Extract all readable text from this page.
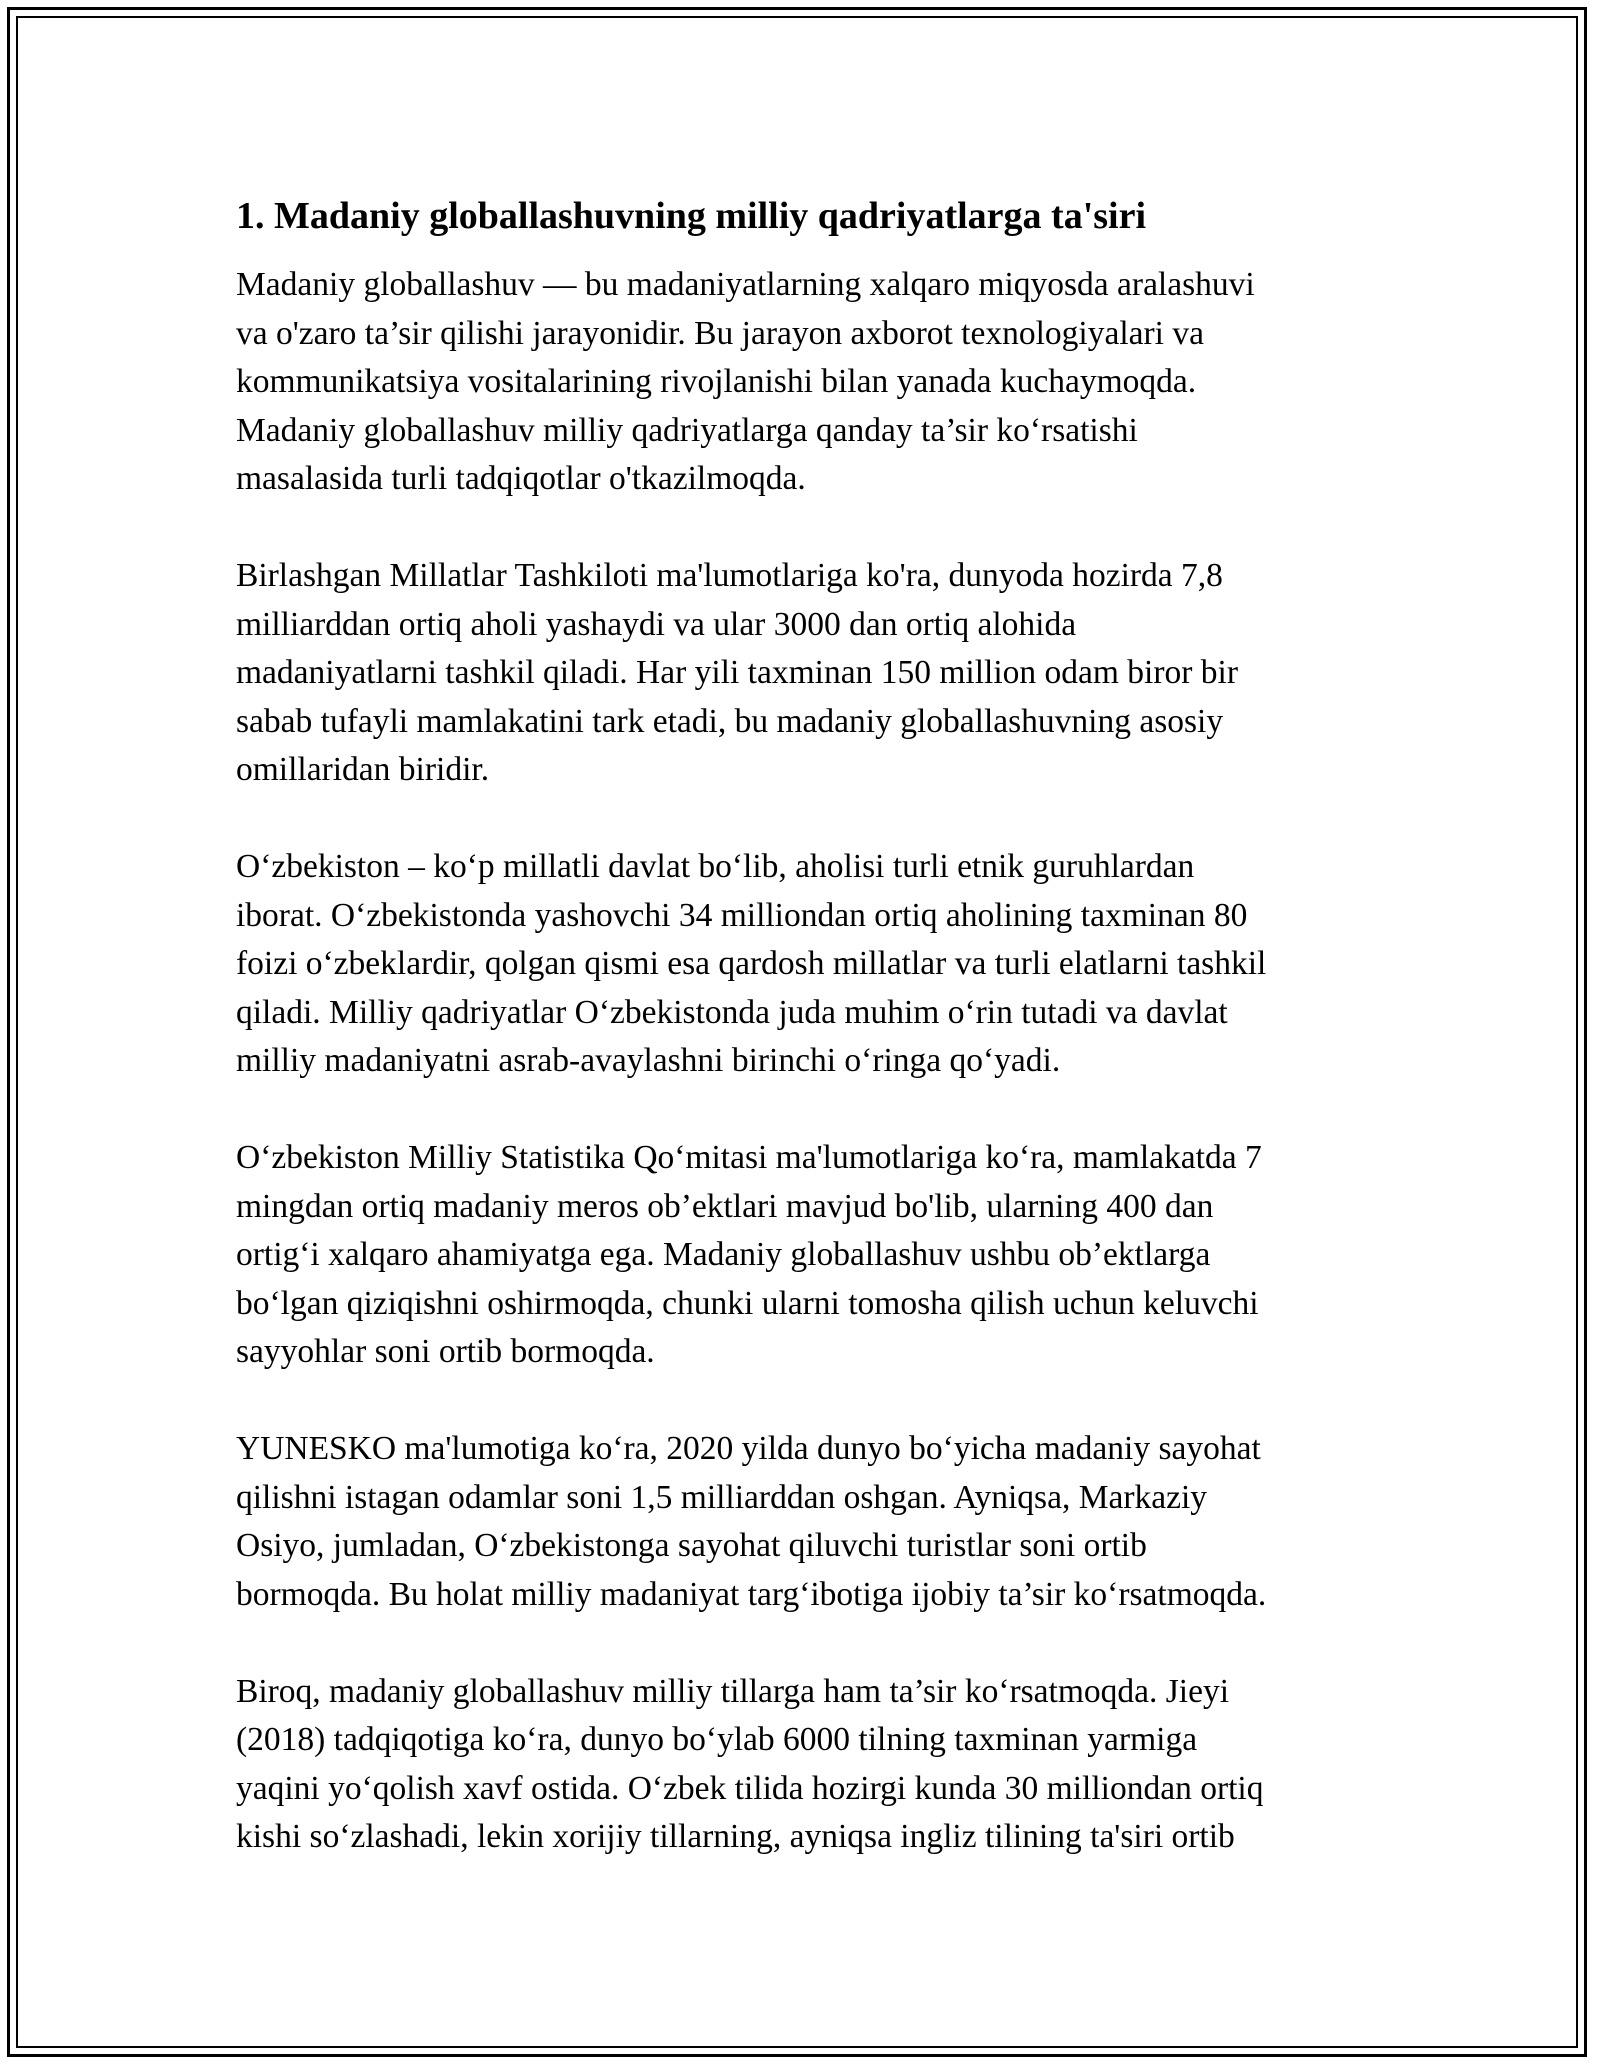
1. Madaniy globallashuvning milliy qadriyatlarga ta'siri
Madaniy globallashuv — bu madaniyatlarning xalqaro miqyosda aralashuvi
va o'zaro ta’sir qilishi jarayonidir. Bu jarayon axborot texnologiyalari va
kommunikatsiya vositalarining rivojlanishi bilan yanada kuchaymoqda.
Madaniy globallashuv milliy qadriyatlarga qanday ta’sir ko‘rsatishi
masalasida turli tadqiqotlar o'tkazilmoqda.
Birlashgan Millatlar Tashkiloti ma'lumotlariga ko'ra, dunyoda hozirda 7,8
milliarddan ortiq aholi yashaydi va ular 3000 dan ortiq alohida
madaniyatlarni tashkil qiladi. Har yili taxminan 150 million odam biror bir
sabab tufayli mamlakatini tark etadi, bu madaniy globallashuvning asosiy
omillaridan biridir.
O‘zbekiston – ko‘p millatli davlat bo‘lib, aholisi turli etnik guruhlardan
iborat. O‘zbekistonda yashovchi 34 milliondan ortiq aholining taxminan 80
foizi o‘zbeklardir, qolgan qismi esa qardosh millatlar va turli elatlarni tashkil
qiladi. Milliy qadriyatlar O‘zbekistonda juda muhim o‘rin tutadi va davlat
milliy madaniyatni asrab-avaylashni birinchi o‘ringa qo‘yadi.
O‘zbekiston Milliy Statistika Qo‘mitasi ma'lumotlariga ko‘ra, mamlakatda 7
mingdan ortiq madaniy meros ob’ektlari mavjud bo'lib, ularning 400 dan
ortig‘i xalqaro ahamiyatga ega. Madaniy globallashuv ushbu ob’ektlarga
bo‘lgan qiziqishni oshirmoqda, chunki ularni tomosha qilish uchun keluvchi
sayyohlar soni ortib bormoqda.
YUNESKO ma'lumotiga ko‘ra, 2020 yilda dunyo bo‘yicha madaniy sayohat
qilishni istagan odamlar soni 1,5 milliarddan oshgan. Ayniqsa, Markaziy
Osiyo, jumladan, O‘zbekistonga sayohat qiluvchi turistlar soni ortib
bormoqda. Bu holat milliy madaniyat targ‘ibotiga ijobiy ta’sir ko‘rsatmoqda.
Biroq, madaniy globallashuv milliy tillarga ham ta’sir ko‘rsatmoqda. Jieyi
(2018) tadqiqotiga ko‘ra, dunyo bo‘ylab 6000 tilning taxminan yarmiga
yaqini yo‘qolish xavf ostida. O‘zbek tilida hozirgi kunda 30 milliondan ortiq
kishi so‘zlashadi, lekin xorijiy tillarning, ayniqsa ingliz tilining ta'siri ortib
